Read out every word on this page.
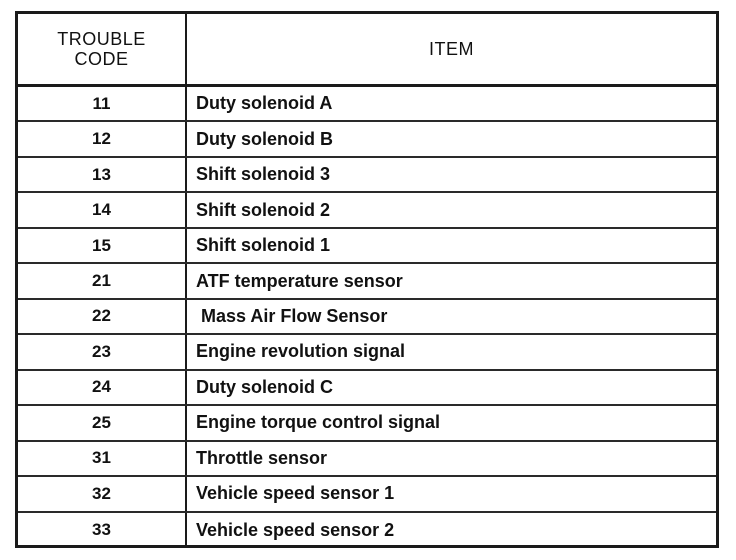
TROUBLE
CODE	ITEM
11	Duty solenoid A
12	Duty solenoid B
13	Shift solenoid 3
14	Shift solenoid 2
15	Shift solenoid 1
21	ATF temperature sensor
22	Mass Air Flow Sensor
23	Engine revolution signal
24	Duty solenoid C
25	Engine torque control signal
31	Throttle sensor
32	Vehicle speed sensor 1
33	Vehicle speed sensor 2
